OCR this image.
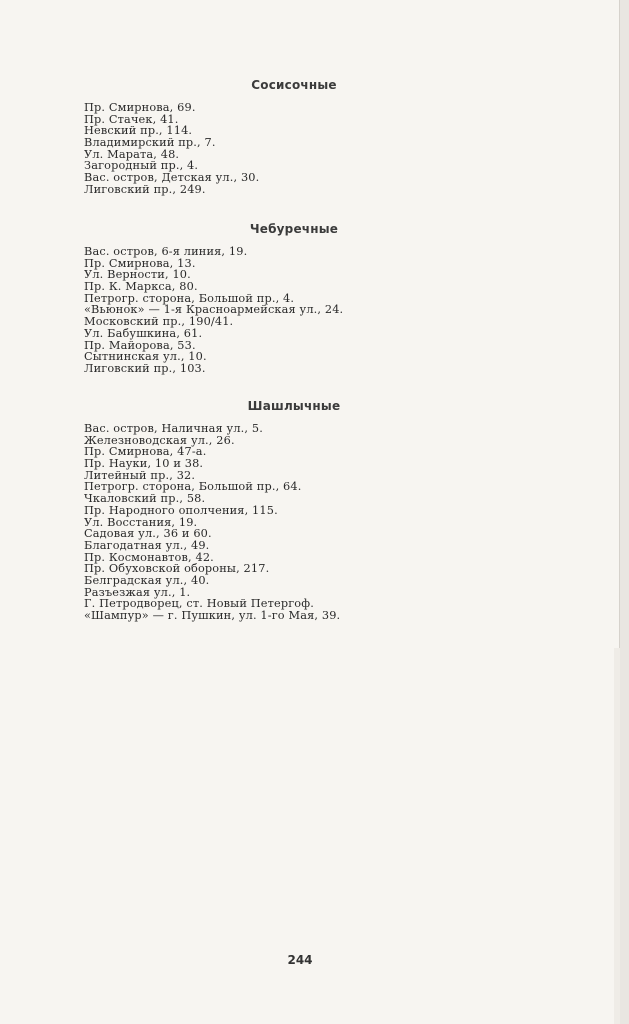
Сосисочные
Пр. Смирнова, 69.
Пр. Стачек, 41.
Невский пр., 114.
Владимирский пр., 7.
Ул. Марата, 48.
Загородный пр., 4.
Вас. остров, Детская ул., 30.
Лиговский пр., 249.
Чебуречные
Вас. остров, 6-я линия, 19.
Пр. Смирнова, 13.
Ул. Верности, 10.
Пр. К. Маркса, 80.
Петрогр. сторона, Большой пр., 4.
«Вьюнок» — 1-я Красноармейская ул., 24.
Московский пр., 190/41.
Ул. Бабушкина, 61.
Пр. Майорова, 53.
Сытнинская ул., 10.
Лиговский пр., 103.
Шашлычные
Вас. остров, Наличная ул., 5.
Железноводская ул., 26.
Пр. Смирнова, 47-а.
Пр. Науки, 10 и 38.
Литейный пр., 32.
Петрогр. сторона, Большой пр., 64.
Чкаловский пр., 58.
Пр. Народного ополчения, 115.
Ул. Восстания, 19.
Садовая ул., 36 и 60.
Благодатная ул., 49.
Пр. Космонавтов, 42.
Пр. Обуховской обороны, 217.
Белградская ул., 40.
Разъезжая ул., 1.
Г. Петродворец, ст. Новый Петергоф.
«Шампур» — г. Пушкин, ул. 1-го Мая, 39.
244
